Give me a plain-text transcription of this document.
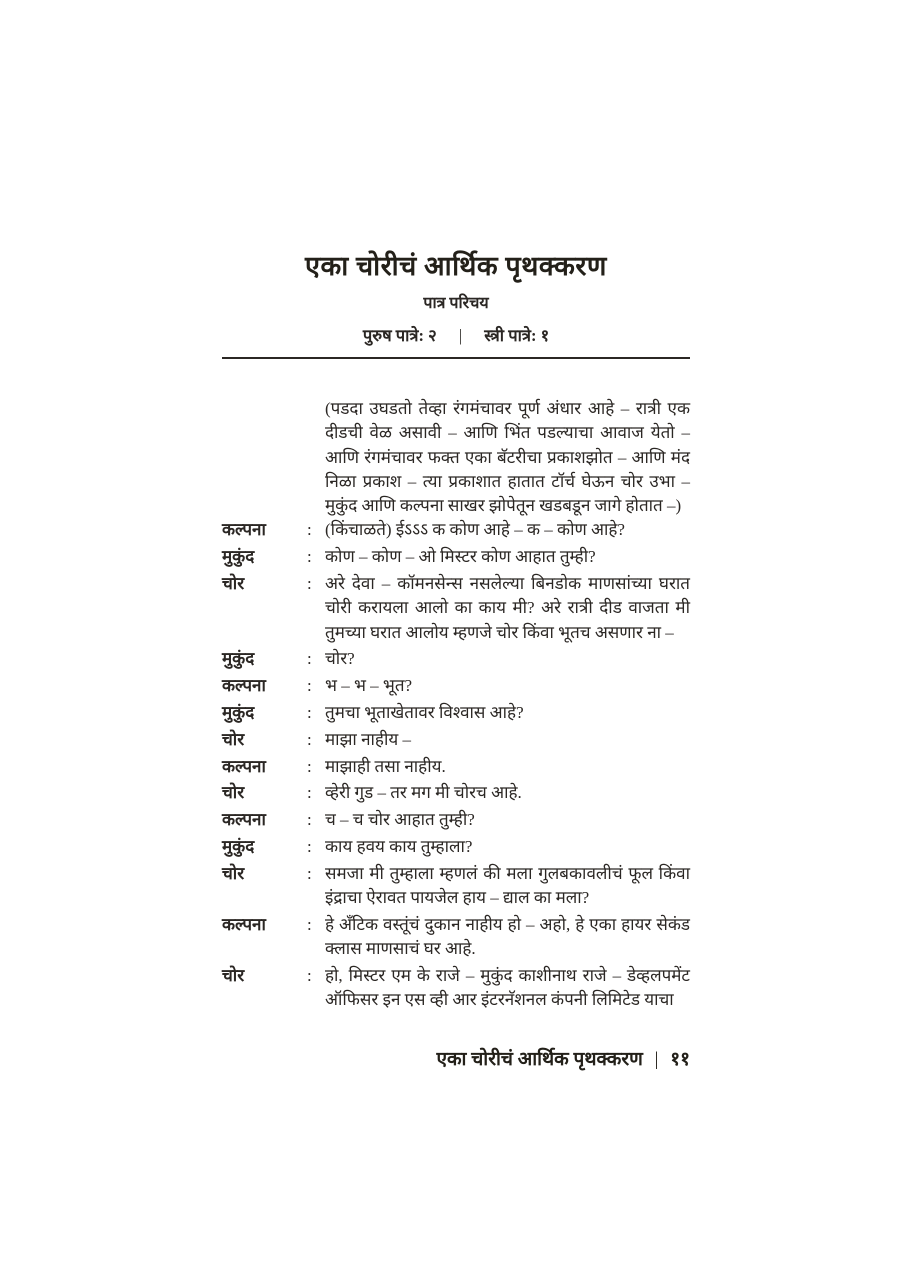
एका चोरीचं आर्थिक पृथक्करण
पात्र परिचय
पुरुष पात्रे: २ | स्त्री पात्रे: १
(पडदा उघडतो तेव्हा रंगमंचावर पूर्ण अंधार आहे – रात्री एक दीडची वेळ असावी – आणि भिंत पडल्याचा आवाज येतो – आणि रंगमंचावर फक्त एका बॅटरीचा प्रकाशझोत – आणि मंद निळा प्रकाश – त्या प्रकाशात हातात टॉर्च घेऊन चोर उभा – मुकुंद आणि कल्पना साखर झोपेतून खडबडून जागे होतात –)
कल्पना	: (किंचाळते) ईऽऽऽ क कोण आहे – क – कोण आहे?
मुकुंद	: कोण – कोण – ओ मिस्टर कोण आहात तुम्ही?
चोर	: अरे देवा – कॉमनसेन्स नसलेल्या बिनडोक माणसांच्या घरात चोरी करायला आलो का काय मी? अरे रात्री दीड वाजता मी तुमच्या घरात आलोय म्हणजे चोर किंवा भूतच असणार ना –
मुकुंद	: चोर?
कल्पना	: भ – भ – भूत?
मुकुंद	: तुमचा भूताखेतावर विश्वास आहे?
चोर	: माझा नाहीय –
कल्पना	: माझाही तसा नाहीय.
चोर	: व्हेरी गुड – तर मग मी चोरच आहे.
कल्पना	: च – च चोर आहात तुम्ही?
मुकुंद	: काय हवय काय तुम्हाला?
चोर	: समजा मी तुम्हाला म्हणलं की मला गुलबकावलीचं फूल किंवा इंद्राचा ऐरावत पायजेल हाय – द्याल का मला?
कल्पना	: हे अँटिक वस्तूंचं दुकान नाहीय हो – अहो, हे एका हायर सेकंड क्लास माणसाचं घर आहे.
चोर	: हो, मिस्टर एम के राजे – मुकुंद काशीनाथ राजे – डेव्हलपमेंट ऑफिसर इन एस व्ही आर इंटरनॅशनल कंपनी लिमिटेड याचा
एका चोरीचं आर्थिक पृथक्करण | ११
